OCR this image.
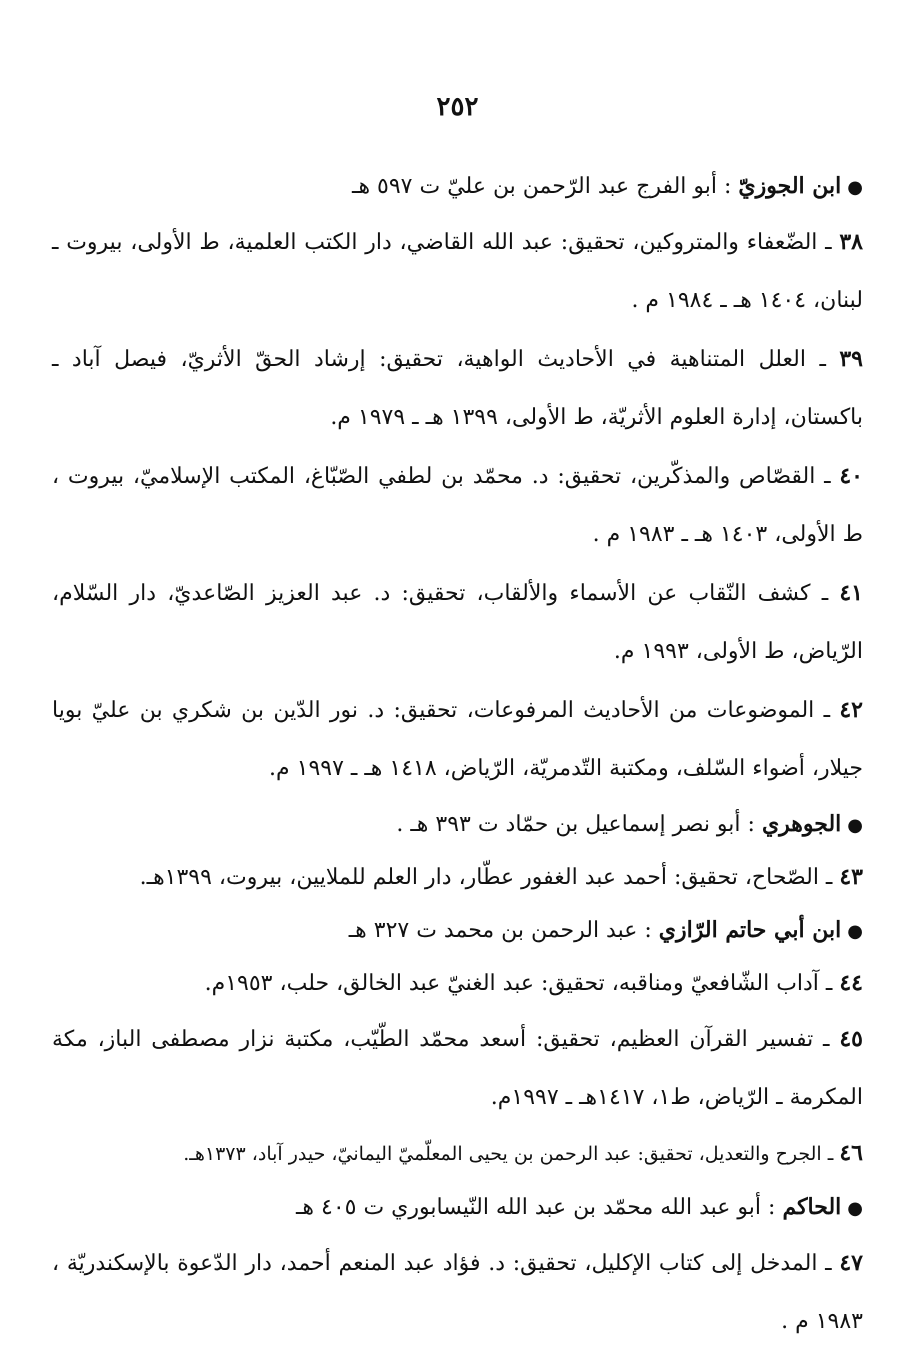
٢٥٢
●ابن الجوزيّ : أبو الفرج عبد الرّحمن بن عليّ ت ٥٩٧ هـ
٣٨ ـ الضّعفاء والمتروكين، تحقيق: عبد الله القاضي، دار الكتب العلمية، ط الأولى، بيروت ـ لبنان، ١٤٠٤ هـ ـ ١٩٨٤ م .
٣٩ ـ العلل المتناهية في الأحاديث الواهية، تحقيق: إرشاد الحقّ الأثريّ، فيصل آباد ـ باكستان، إدارة العلوم الأثريّة، ط الأولى، ١٣٩٩ هـ ـ ١٩٧٩ م.
٤٠ ـ القصّاص والمذكّرين، تحقيق: د. محمّد بن لطفي الصّبّاغ، المكتب الإسلاميّ، بيروت ، ط الأولى، ١٤٠٣ هـ ـ ١٩٨٣ م .
٤١ ـ كشف النّقاب عن الأسماء والألقاب، تحقيق: د. عبد العزيز الصّاعديّ، دار السّلام، الرّياض، ط الأولى، ١٩٩٣ م.
٤٢ ـ الموضوعات من الأحاديث المرفوعات، تحقيق: د. نور الدّين بن شكري بن عليّ بويا جيلار، أضواء السّلف، ومكتبة التّدمريّة، الرّياض، ١٤١٨ هـ ـ ١٩٩٧ م.
●الجوهري : أبو نصر إسماعيل بن حمّاد ت ٣٩٣ هـ .
٤٣ ـ الصّحاح، تحقيق: أحمد عبد الغفور عطّار، دار العلم للملايين، بيروت، ١٣٩٩هـ.
●ابن أبي حاتم الرّازي : عبد الرحمن بن محمد ت ٣٢٧ هـ
٤٤ ـ آداب الشّافعيّ ومناقبه، تحقيق: عبد الغنيّ عبد الخالق، حلب، ١٩٥٣م.
٤٥ ـ تفسير القرآن العظيم، تحقيق: أسعد محمّد الطّيّب، مكتبة نزار مصطفى الباز، مكة المكرمة ـ الرّياض، ط١، ١٤١٧هـ ـ ١٩٩٧م.
٤٦ ـ الجرح والتعديل، تحقيق: عبد الرحمن بن يحيى المعلّميّ اليمانيّ، حيدر آباد، ١٣٧٣هـ.
●الحاكم : أبو عبد الله محمّد بن عبد الله النّيسابوري ت ٤٠٥ هـ
٤٧ ـ المدخل إلى كتاب الإكليل، تحقيق: د. فؤاد عبد المنعم أحمد، دار الدّعوة بالإسكندريّة ، ١٩٨٣ م .
